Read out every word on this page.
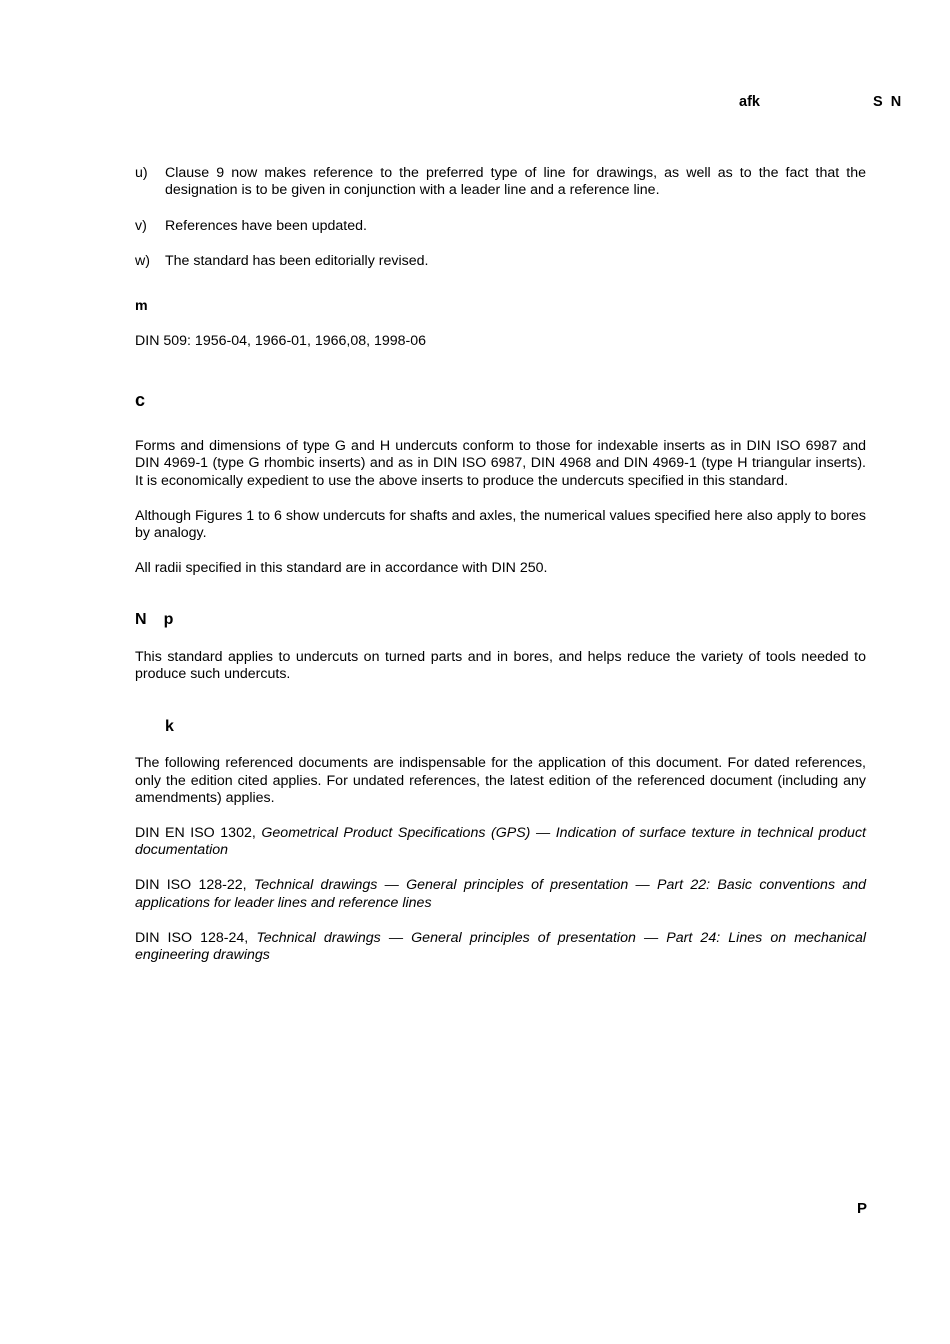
afk	S N
u) Clause 9 now makes reference to the preferred type of line for drawings, as well as to the fact that the designation is to be given in conjunction with a leader line and a reference line.
v) References have been updated.
w) The standard has been editorially revised.
m

DIN 509: 1956-04, 1966-01, 1966,08, 1998-06

c

Forms and dimensions of type G and H undercuts conform to those for indexable inserts as in DIN ISO 6987 and DIN 4969-1 (type G rhombic inserts) and as in DIN ISO 6987, DIN 4968 and DIN 4969-1 (type H triangular inserts). It is economically expedient to use the above inserts to produce the undercuts specified in this standard.

Although Figures 1 to 6 show undercuts for shafts and axles, the numerical values specified here also apply to bores by analogy.

All radii specified in this standard are in accordance with DIN 250.

N p

This standard applies to undercuts on turned parts and in bores, and helps reduce the variety of tools needed to produce such undercuts.

k

The following referenced documents are indispensable for the application of this document. For dated references, only the edition cited applies. For undated references, the latest edition of the referenced document (including any amendments) applies.

DIN EN ISO 1302, Geometrical Product Specifications (GPS) — Indication of surface texture in technical product documentation

DIN ISO 128-22, Technical drawings — General principles of presentation — Part 22: Basic conventions and applications for leader lines and reference lines

DIN ISO 128-24, Technical drawings — General principles of presentation — Part 24: Lines on mechanical engineering drawings

P
